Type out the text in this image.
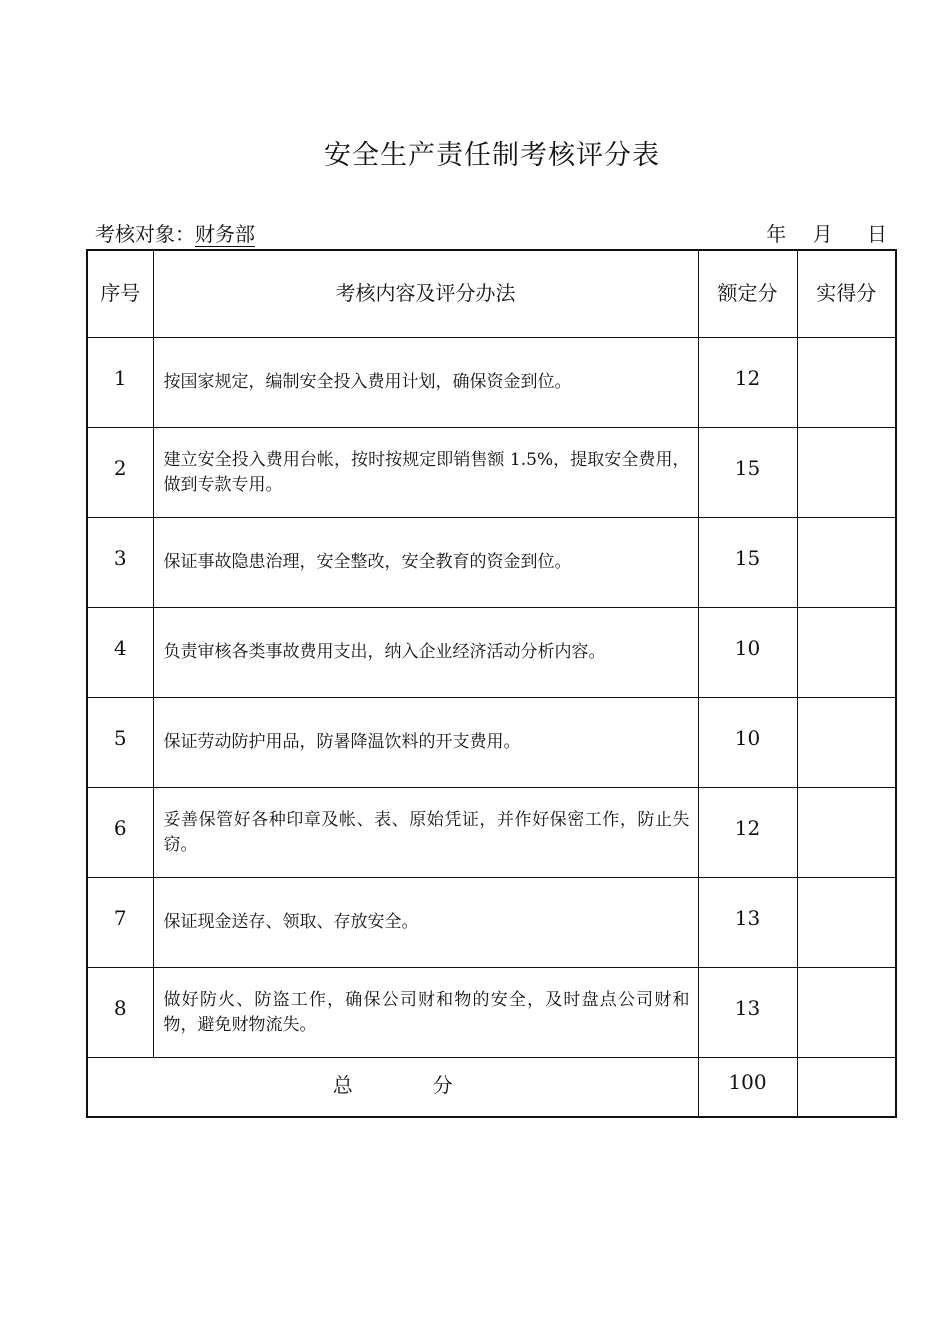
安全生产责任制考核评分表
考核对象：财务部	年 月 日
序号	考核内容及评分办法	额定分	实得分
1	按国家规定，编制安全投入费用计划，确保资金到位。	12	
2	建立安全投入费用台帐，按时按规定即销售额 1.5%，提取安全费用，做到专款专用。	15	
3	保证事故隐患治理，安全整改，安全教育的资金到位。	15	
4	负责审核各类事故费用支出，纳入企业经济活动分析内容。	10	
5	保证劳动防护用品，防暑降温饮料的开支费用。	10	
6	妥善保管好各种印章及帐、表、原始凭证，并作好保密工作，防止失窃。	12	
7	保证现金送存、领取、存放安全。	13	
8	做好防火、防盗工作，确保公司财和物的安全，及时盘点公司财和物，避免财物流失。	13	
总 分		100	
